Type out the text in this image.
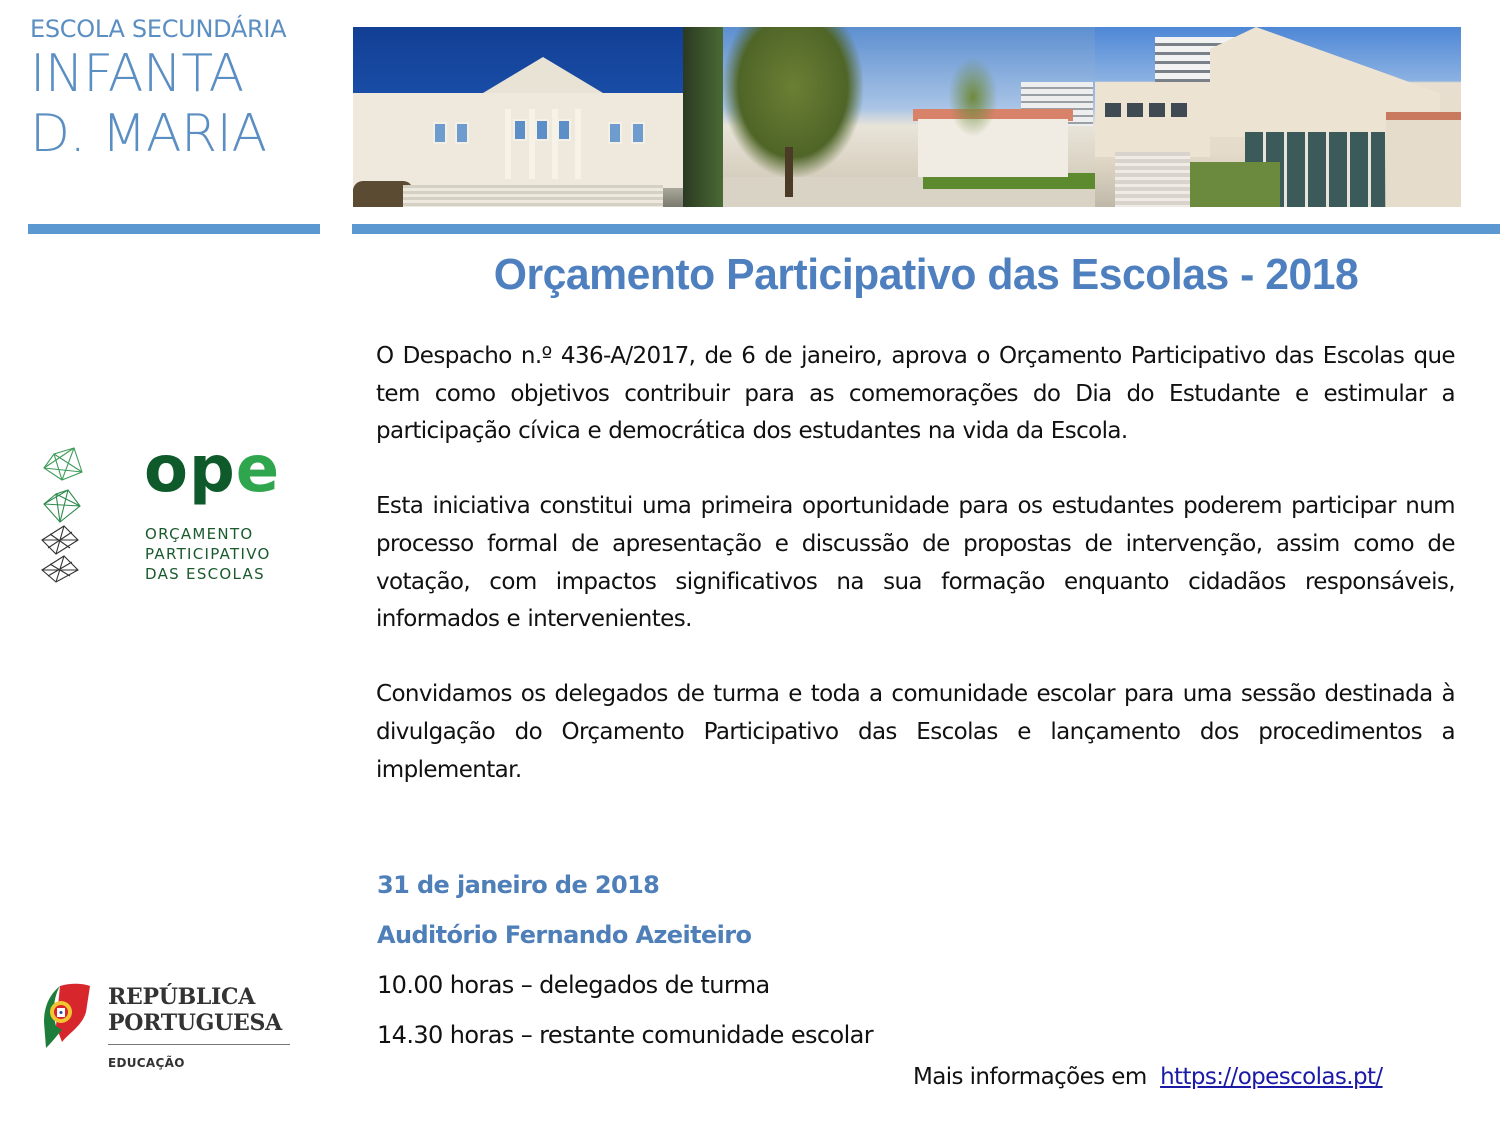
ESCOLA SECUNDÁRIA
INFANTA
D. MARIA
Orçamento Participativo das Escolas - 2018

O Despacho n.º 436-A/2017, de 6 de janeiro, aprova o Orçamento Participativo das Escolas que tem como objetivos contribuir para as comemorações do Dia do Estudante e estimular a participação cívica e democrática dos estudantes na vida da Escola.

Esta iniciativa constitui uma primeira oportunidade para os estudantes poderem participar num processo formal de apresentação e discussão de propostas de intervenção, assim como de votação, com impactos significativos na sua formação enquanto cidadãos responsáveis, informados e intervenientes.

Convidamos os delegados de turma e toda a comunidade escolar para uma sessão destinada à divulgação do Orçamento Participativo das Escolas e lançamento dos procedimentos a implementar.

31 de janeiro de 2018
Auditório Fernando Azeiteiro
10.00 horas – delegados de turma
14.30 horas – restante comunidade escolar
Mais informações em  https://opescolas.pt/
ope
ORÇAMENTO
PARTICIPATIVO
DAS ESCOLAS
REPÚBLICA
PORTUGUESA
EDUCAÇÃO
